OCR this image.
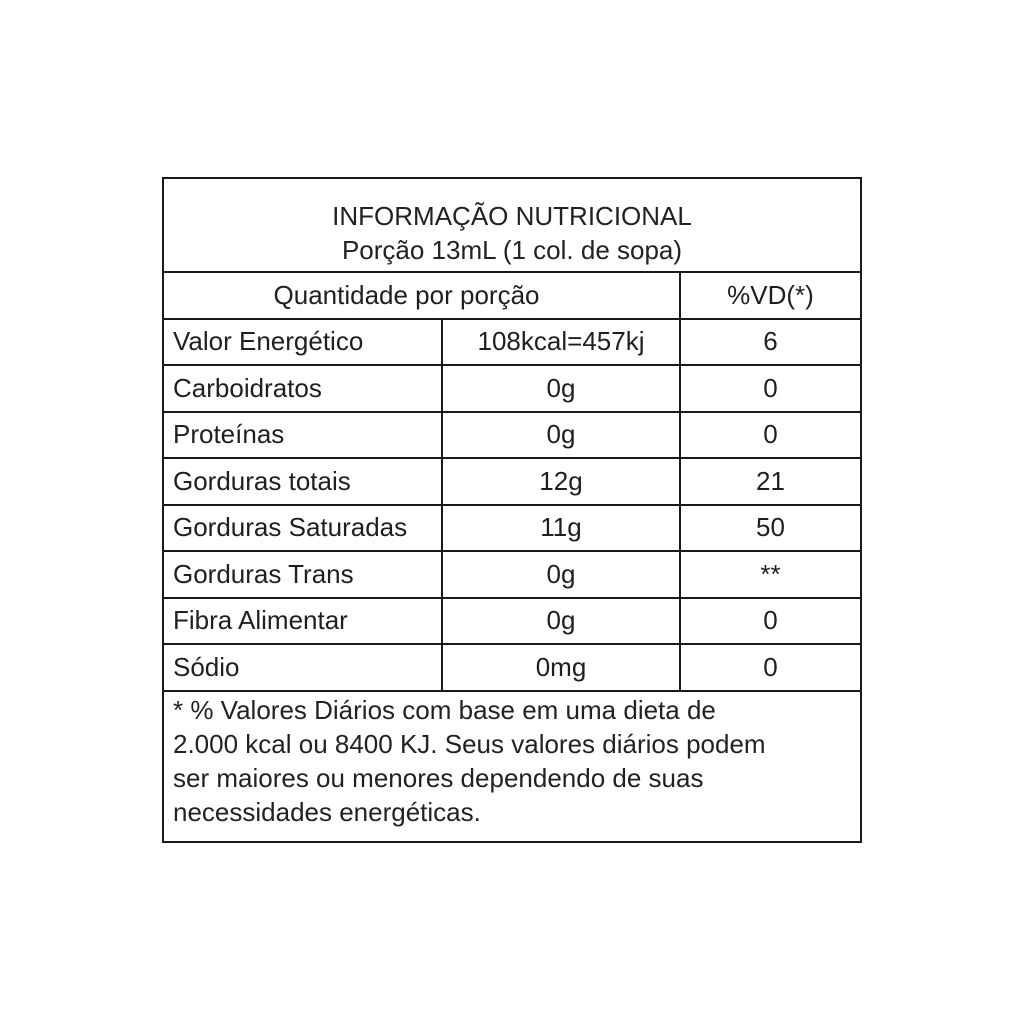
INFORMAÇÃO NUTRICIONAL
Porção 13mL (1 col. de sopa)
Quantidade por porção	%VD(*)
Valor Energético	108kcal=457kj	6
Carboidratos	0g	0
Proteínas	0g	0
Gorduras totais	12g	21
Gorduras Saturadas	11g	50
Gorduras Trans	0g	**
Fibra Alimentar	0g	0
Sódio	0mg	0
* % Valores Diários com base em uma dieta de
2.000 kcal ou 8400 KJ. Seus valores diários podem
ser maiores ou menores dependendo de suas
necessidades energéticas.
